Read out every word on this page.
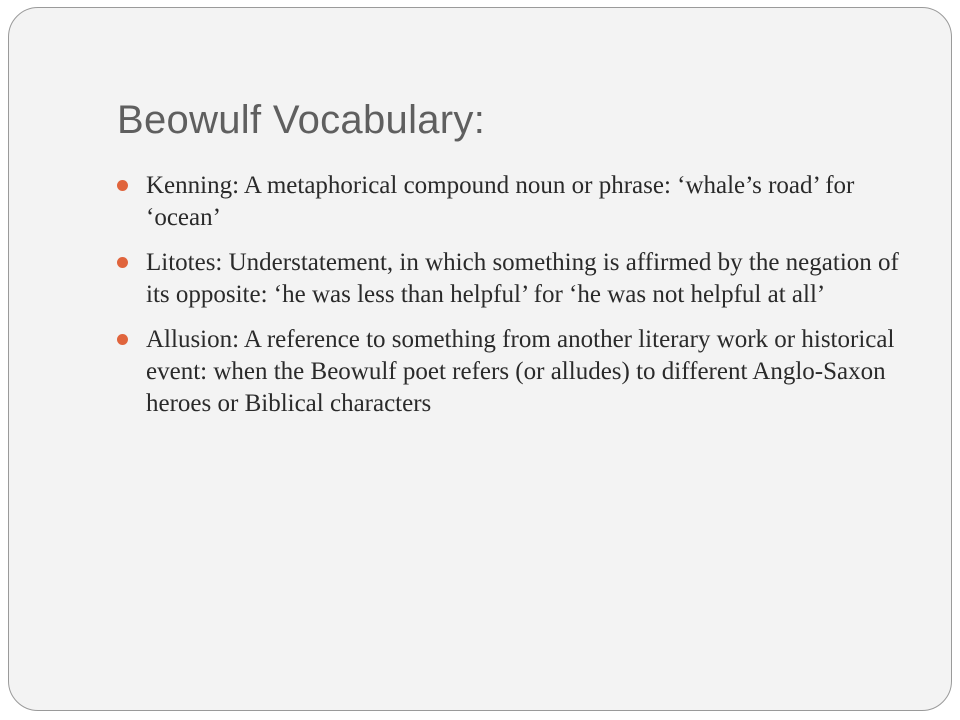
Beowulf Vocabulary:
Kenning: A metaphorical compound noun or phrase: ‘whale’s road’ for ‘ocean’
Litotes: Understatement, in which something is affirmed by the negation of its opposite: ‘he was less than helpful’ for ‘he was not helpful at all’
Allusion: A reference to something from another literary work or historical event: when the Beowulf poet refers (or alludes) to different Anglo-Saxon heroes or Biblical characters
